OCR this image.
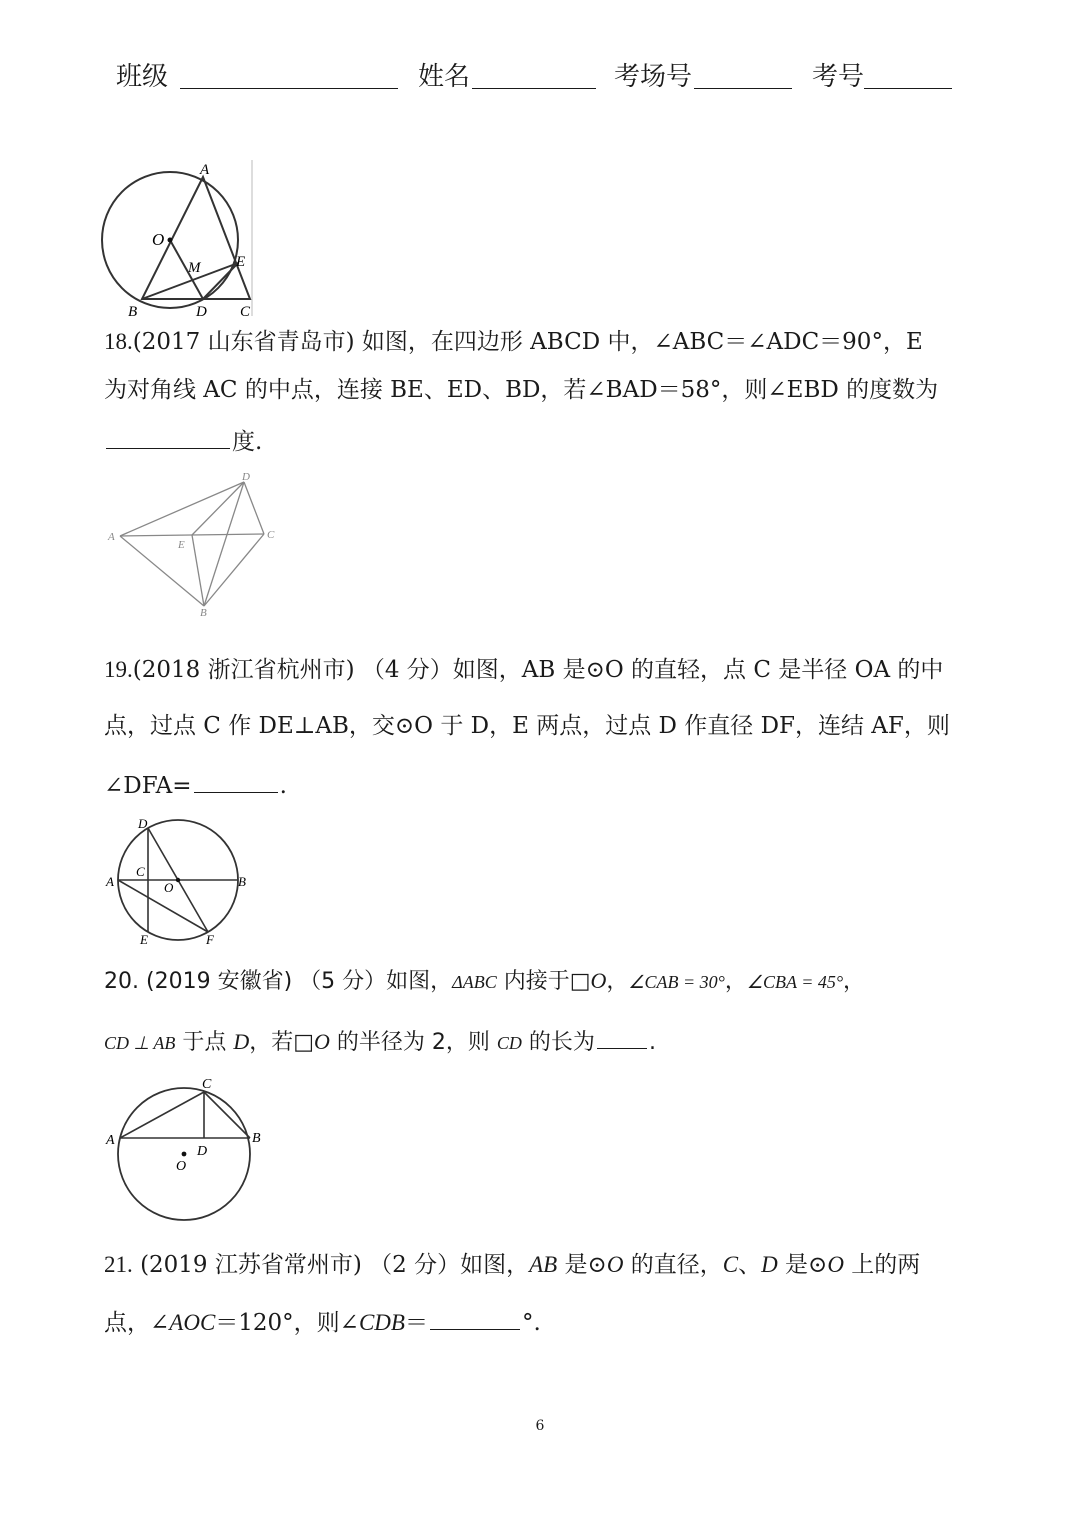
班级	姓名	考场号	考号
A
O
M E
B	D C
18.(2017 山东省青岛市) 如图，在四边形 ABCD 中，∠ABC＝∠ADC＝90°，E
为对角线 AC 的中点，连接 BE、ED、BD，若∠BAD＝58°，则∠EBD 的度数为
度.
D
A
E
C
B
19.(2018 浙江省杭州市) （4 分）如图，AB 是⊙O 的直轻，点 C 是半径 OA 的中
点，过点 C 作 DE⊥AB，交⊙O 于 D，E 两点，过点 D 作直径 DF，连结 AF，则
∠DFA=	.
D
C
A	O	B
E	F
20. (2019 安徽省) （5 分）如图，ΔABC 内接于□O，∠CAB = 30°，∠CBA = 45°，
CD ⊥ AB 于点 D，若□O 的半径为 2，则 CD 的长为 .
C
A
D
B
O
21. (2019 江苏省常州市) （2 分）如图，AB 是⊙O 的直径，C、D 是⊙O 上的两
点，∠AOC＝120°，则∠CDB＝	°.
6
